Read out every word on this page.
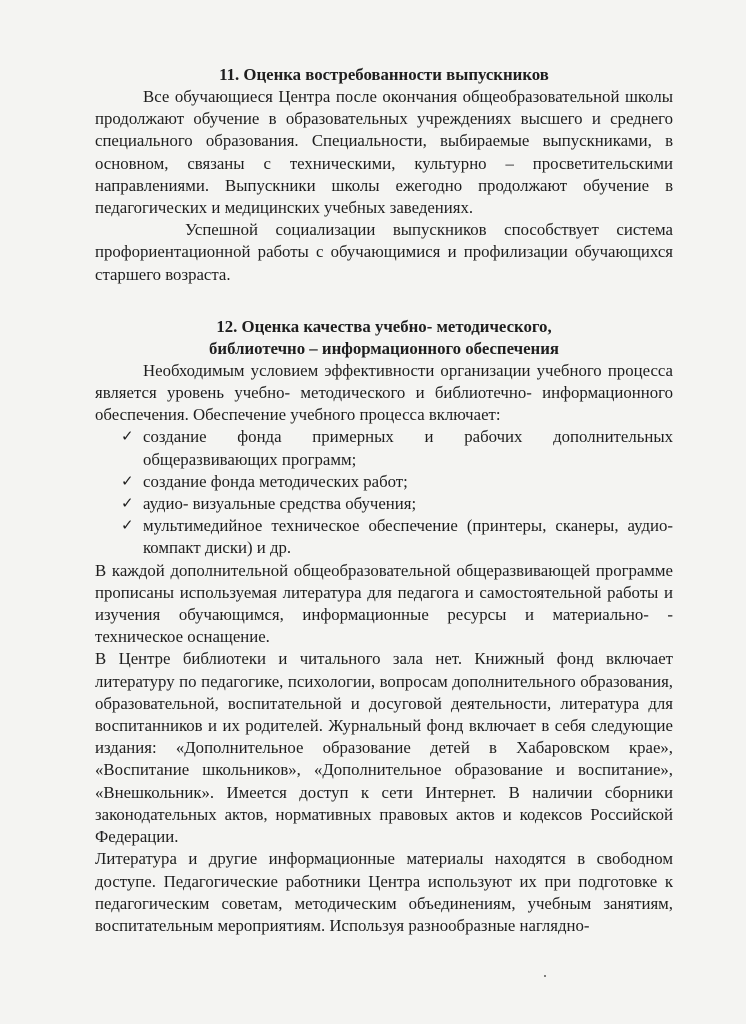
11. Оценка востребованности выпускников

Все обучающиеся Центра после окончания общеобразовательной школы продолжают обучение в образовательных учреждениях высшего и среднего специального образования. Специальности, выбираемые выпускниками, в основном, связаны с техническими, культурно – просветительскими направлениями. Выпускники школы ежегодно продолжают обучение в педагогических и медицинских учебных заведениях.

Успешной социализации выпускников способствует система профориентационной работы с обучающимися и профилизации обучающихся старшего возраста.

12. Оценка качества учебно- методического,

библиотечно – информационного обеспечения

Необходимым условием эффективности организации учебного процесса является уровень учебно- методического и библиотечно- информационного обеспечения. Обеспечение учебного процесса включает:

✓ создание фонда примерных и рабочих дополнительных общеразвивающих программ;
✓ создание фонда методических работ;
✓ аудио- визуальные средства обучения;
✓ мультимедийное техническое обеспечение (принтеры, сканеры, аудио- компакт диски) и др.

В каждой дополнительной общеобразовательной общеразвивающей программе прописаны используемая литература для педагога и самостоятельной работы и изучения обучающимся, информационные ресурсы и материально- - техническое оснащение.

В Центре библиотеки и читального зала нет. Книжный фонд включает литературу по педагогике, психологии, вопросам дополнительного образования, образовательной, воспитательной и досуговой деятельности, литература для воспитанников и их родителей. Журнальный фонд включает в себя следующие издания: «Дополнительное образование детей в Хабаровском крае», «Воспитание школьников», «Дополнительное образование и воспитание», «Внешкольник». Имеется доступ к сети Интернет. В наличии сборники законодательных актов, нормативных правовых актов и кодексов Российской Федерации.

Литература и другие информационные материалы находятся в свободном доступе. Педагогические работники Центра используют их при подготовке к педагогическим советам, методическим объединениям, учебным занятиям, воспитательным мероприятиям. Используя разнообразные наглядно-
